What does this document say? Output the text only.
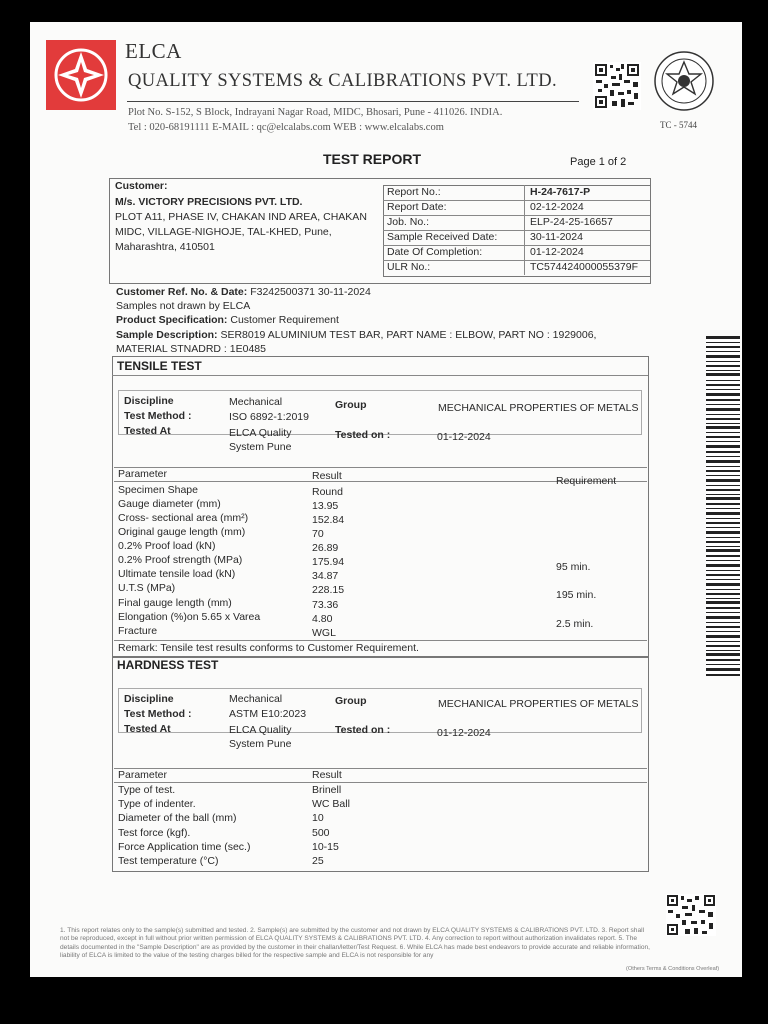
ELCA
QUALITY SYSTEMS & CALIBRATIONS PVT. LTD.
Plot No. S-152, S Block, Indrayani Nagar Road, MIDC, Bhosari, Pune - 411026. INDIA.
Tel : 020-68191111 E-MAIL : qc@elcalabs.com WEB : www.elcalabs.com	TC - 5744
TEST REPORT	Page 1 of 2
Customer:
M/s. VICTORY PRECISIONS PVT. LTD.
PLOT A11, PHASE IV, CHAKAN IND AREA, CHAKAN
MIDC, VILLAGE-NIGHOJE, TAL-KHED, Pune,
Maharashtra, 410501
Report No.:	H-24-7617-P
Report Date:	02-12-2024
Job. No.:	ELP-24-25-16657
Sample Received Date:	30-11-2024
Date Of Completion:	01-12-2024
ULR No.:	TC574424000055379F
Customer Ref. No. & Date: F3242500371 30-11-2024
Samples not drawn by ELCA
Product Specification: Customer Requirement
Sample Description: SER8019 ALUMINIUM TEST BAR, PART NAME : ELBOW, PART NO : 1929006,
MATERIAL STNADRD : 1E0485
TENSILE TEST
Discipline	Mechanical	Group	MECHANICAL PROPERTIES OF METALS
Test Method :	ISO 6892-1:2019
Tested At	ELCA Quality
System Pune
Tested on :	01-12-2024
Parameter	Result	Requirement
Specimen Shape	Round
Gauge diameter (mm)	13.95
Cross- sectional area (mm²)	152.84
Original gauge length (mm)	70
0.2% Proof load (kN)	26.89
0.2% Proof strength (MPa)	175.94	95 min.
Ultimate tensile load (kN)	34.87
U.T.S (MPa)	228.15	195 min.
Final gauge length (mm)	73.36
Elongation (%)on 5.65 x Varea	4.80	2.5 min.
Fracture	WGL
Remark: Tensile test results conforms to Customer Requirement.
HARDNESS TEST
Discipline	Mechanical	Group	MECHANICAL PROPERTIES OF METALS
Test Method :	ASTM E10:2023
Tested At	ELCA Quality
System Pune
Tested on :	01-12-2024
Parameter	Result
Type of test.	Brinell
Type of indenter.	WC Ball
Diameter of the ball (mm)	10
Test force (kgf).	500
Force Application time (sec.)	10-15
Test temperature (°C)	25
1. This report relates only to the sample(s) submitted and tested. 2. Sample(s) are submitted by the customer and not drawn by ELCA QUALITY SYSTEMS & CALIBRATIONS PVT. LTD. 3. Report shall not be reproduced, except in full without prior written permission of ELCA QUALITY SYSTEMS & CALIBRATIONS PVT. LTD. 4. Any correction to report without authorization invalidates report. 5. The details documented in the "Sample Description" are as provided by the customer in their challan/letter/Test Request. 6. While ELCA has made best endeavors to provide accurate and reliable information, liability of ELCA is limited to the value of the testing charges billed for the respective sample and ELCA is not responsible for any
(Others Terms & Conditions Overleaf)
